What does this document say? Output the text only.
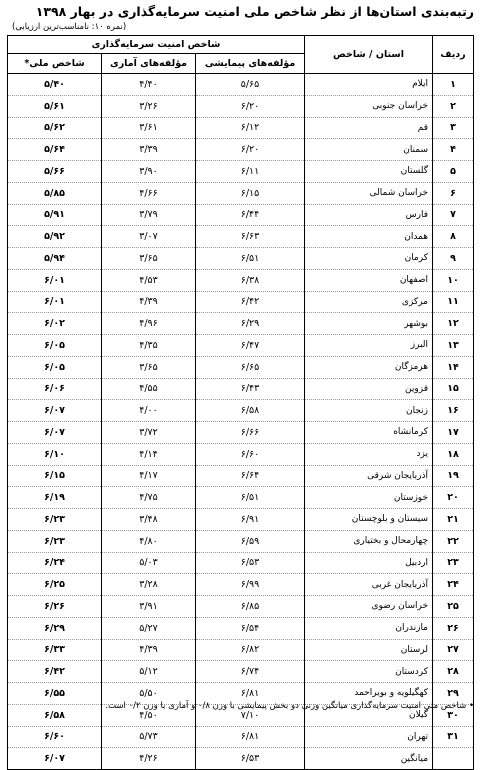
رتبه‌بندی استان‌ها از نظر شاخص ملی امنیت سرمایه‌گذاری در بهار ۱۳۹۸
(نمره ۱۰: نامناسب‌ترین ارزیابی)
ردیف	استان / شاخص	شاخص امنیت سرمایه‌گذاری		
		مؤلفه‌های پیمایشی	مؤلفه‌های آماری	شاخص ملی*
۱	ایلام	۵/۶۵	۴/۴۰	۵/۴۰
۲	خراسان جنوبی	۶/۲۰	۳/۲۶	۵/۶۱
۳	قم	۶/۱۲	۳/۶۱	۵/۶۲
۴	سمنان	۶/۲۰	۳/۳۹	۵/۶۴
۵	گلستان	۶/۱۱	۳/۹۰	۵/۶۶
۶	خراسان شمالی	۶/۱۵	۴/۶۶	۵/۸۵
۷	فارس	۶/۴۴	۳/۷۹	۵/۹۱
۸	همدان	۶/۶۳	۳/۰۷	۵/۹۲
۹	کرمان	۶/۵۱	۳/۶۵	۵/۹۴
۱۰	اصفهان	۶/۳۸	۴/۵۳	۶/۰۱
۱۱	مرکزی	۶/۴۲	۴/۳۹	۶/۰۱
۱۲	بوشهر	۶/۲۹	۴/۹۶	۶/۰۲
۱۳	البرز	۶/۴۷	۴/۳۵	۶/۰۵
۱۴	هرمزگان	۶/۶۵	۳/۶۵	۶/۰۵
۱۵	قزوین	۶/۴۳	۴/۵۵	۶/۰۶
۱۶	زنجان	۶/۵۸	۴/۰۰	۶/۰۷
۱۷	کرمانشاه	۶/۶۶	۳/۷۲	۶/۰۷
۱۸	یزد	۶/۶۰	۴/۱۴	۶/۱۰
۱۹	آذربایجان شرقی	۶/۶۴	۴/۱۷	۶/۱۵
۲۰	خوزستان	۶/۵۱	۴/۷۵	۶/۱۹
۲۱	سیستان و بلوچستان	۶/۹۱	۳/۴۸	۶/۲۳
۲۲	چهارمحال و بختیاری	۶/۵۹	۴/۸۰	۶/۲۳
۲۳	اردبیل	۶/۵۳	۵/۰۳	۶/۲۴
۲۴	آذربایجان غربی	۶/۹۹	۳/۲۸	۶/۲۵
۲۵	خراسان رضوی	۶/۸۵	۳/۹۱	۶/۲۶
۲۶	مازندران	۶/۵۴	۵/۲۷	۶/۲۹
۲۷	لرستان	۶/۸۲	۴/۳۹	۶/۳۳
۲۸	کردستان	۶/۷۴	۵/۱۲	۶/۴۲
۲۹	کهگیلویه و بویراحمد	۶/۸۱	۵/۵۰	۶/۵۵
۳۰	گیلان	۷/۱۰	۴/۵۰	۶/۵۸
۳۱	تهران	۶/۸۱	۵/۷۳	۶/۶۰
	میانگین	۶/۵۳	۴/۲۶	۶/۰۷
• شاخص ملی امنیت سرمایه‌گذاری میانگین وزنی دو بخش پیمایشی با وزن ۰/۸ و آماری با وزن ۰/۲ است.
